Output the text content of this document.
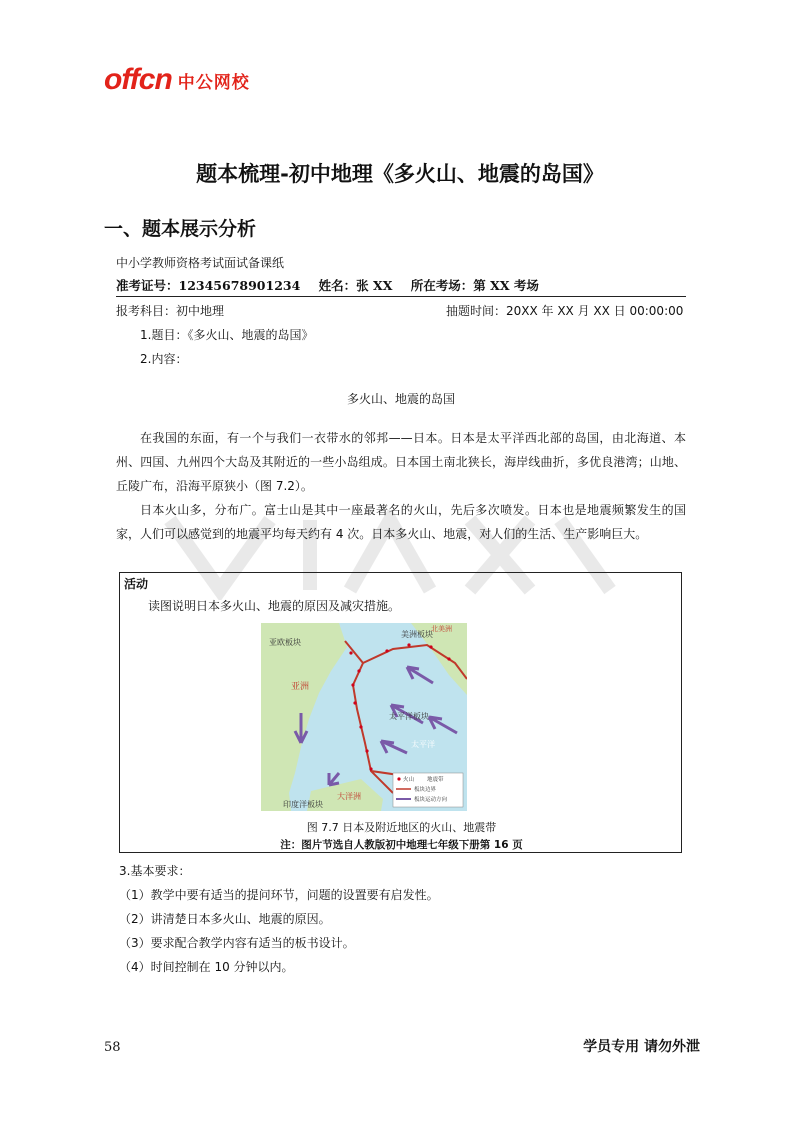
offcn 中公网校
题本梳理-初中地理《多火山、地震的岛国》
一、题本展示分析
中小学教师资格考试面试备课纸
准考证号：12345678901234 姓名：张 XX 所在考场：第 XX 考场
报考科目：初中地理	抽题时间：20XX 年 XX 月 XX 日 00:00:00
1.题目：《多火山、地震的岛国》
2.内容：
多火山、地震的岛国
在我国的东面，有一个与我们一衣带水的邻邦——日本。日本是太平洋西北部的岛国，由北海道、本州、四国、九州四个大岛及其附近的一些小岛组成。日本国土南北狭长，海岸线曲折，多优良港湾；山地、丘陵广布，沿海平原狭小（图 7.2）。
日本火山多，分布广。富士山是其中一座最著名的火山，先后多次喷发。日本也是地震频繁发生的国家，人们可以感觉到的地震平均每天约有 4 次。日本多火山、地震，对人们的生活、生产影响巨大。
活动
读图说明日本多火山、地震的原因及减灾措施。
亚欧板块
亚洲
美洲板块
北美洲
太平洋板块
太平洋
印度洋板块
大洋洲
火山 地震带
板块边界
板块运动方向
图 7.7 日本及附近地区的火山、地震带
注：图片节选自人教版初中地理七年级下册第 16 页
3.基本要求：
（1）教学中要有适当的提问环节，问题的设置要有启发性。
（2）讲清楚日本多火山、地震的原因。
（3）要求配合教学内容有适当的板书设计。
（4）时间控制在 10 分钟以内。
58	学员专用 请勿外泄
